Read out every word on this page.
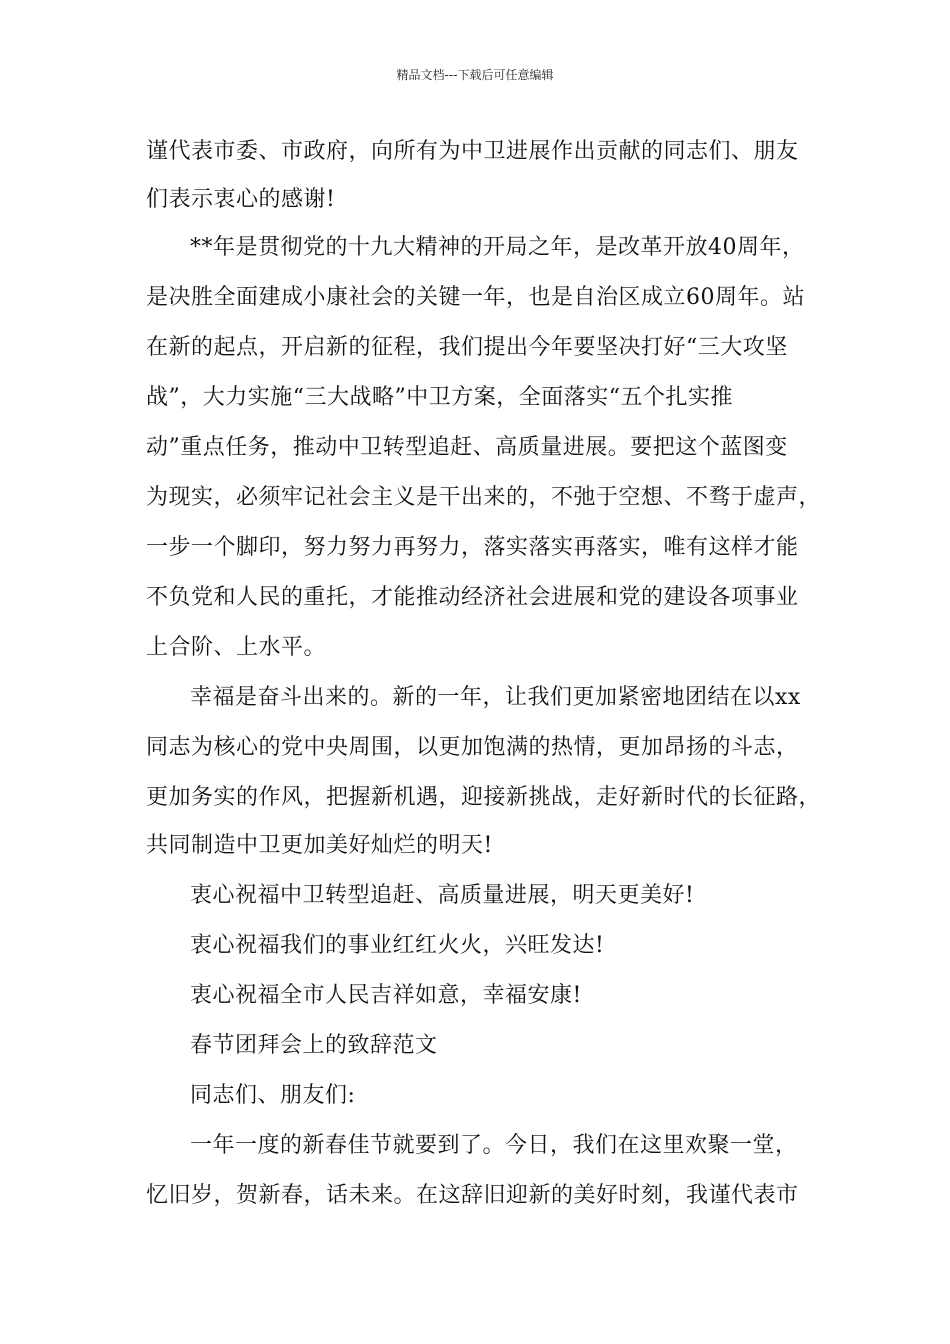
精品文档---下载后可任意编辑
谨代表市委、市政府，向所有为中卫进展作出贡献的同志们、朋友
们表示衷心的感谢!
**年是贯彻党的十九大精神的开局之年，是改革开放40周年，
是决胜全面建成小康社会的关键一年，也是自治区成立60周年。站
在新的起点，开启新的征程，我们提出今年要坚决打好“三大攻坚
战”，大力实施“三大战略”中卫方案，全面落实“五个扎实推
动”重点任务，推动中卫转型追赶、高质量进展。要把这个蓝图变
为现实，必须牢记社会主义是干出来的，不弛于空想、不骛于虚声，
一步一个脚印，努力努力再努力，落实落实再落实，唯有这样才能
不负党和人民的重托，才能推动经济社会进展和党的建设各项事业
上合阶、上水平。
幸福是奋斗出来的。新的一年，让我们更加紧密地团结在以xx
同志为核心的党中央周围，以更加饱满的热情，更加昂扬的斗志，
更加务实的作风，把握新机遇，迎接新挑战，走好新时代的长征路，
共同制造中卫更加美好灿烂的明天!
衷心祝福中卫转型追赶、高质量进展，明天更美好!
衷心祝福我们的事业红红火火，兴旺发达!
衷心祝福全市人民吉祥如意，幸福安康!
春节团拜会上的致辞范文
同志们、朋友们:
一年一度的新春佳节就要到了。今日，我们在这里欢聚一堂，
忆旧岁，贺新春，话未来。在这辞旧迎新的美好时刻，我谨代表市
